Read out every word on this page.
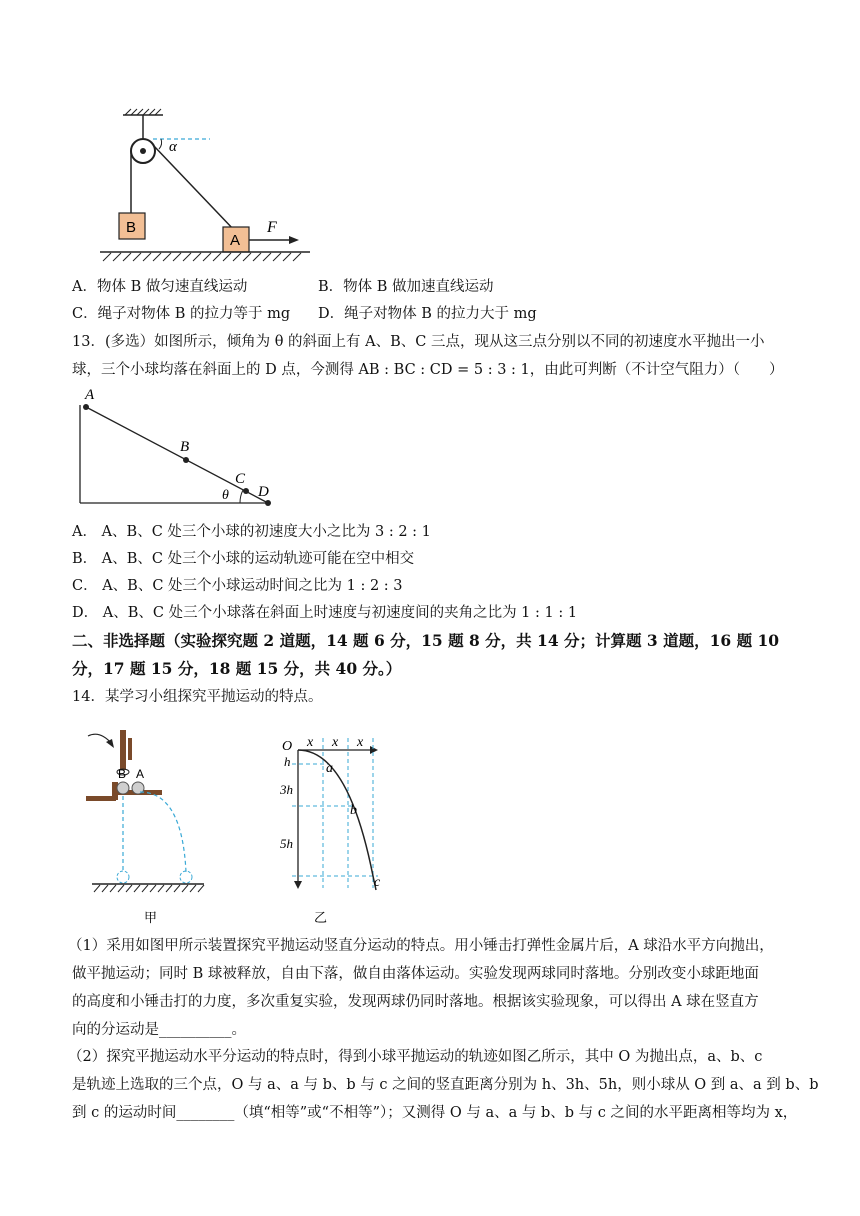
B
A
F
α
A．物体 B 做匀速直线运动	B．物体 B 做加速直线运动
C．绳子对物体 B 的拉力等于 mg D．绳子对物体 B 的拉力大于 mg
13．(多选）如图所示，倾角为 θ 的斜面上有 A、B、C 三点，现从这三点分别以不同的初速度水平抛出一小
球，三个小球均落在斜面上的 D 点，今测得 AB : BC : CD = 5 : 3 : 1，由此可判断（不计空气阻力）（　　）
A
B
C
D
θ
A． A、B、C 处三个小球的初速度大小之比为 3 : 2 : 1
B． A、B、C 处三个小球的运动轨迹可能在空中相交
C． A、B、C 处三个小球运动时间之比为 1 : 2 : 3
D． A、B、C 处三个小球落在斜面上时速度与初速度间的夹角之比为 1 : 1 : 1
二、非选择题（实验探究题 2 道题，14 题 6 分，15 题 8 分，共 14 分；计算题 3 道题，16 题 10
分，17 题 15 分，18 题 15 分，共 40 分。）
14．某学习小组探究平抛运动的特点。
B A
甲
O x x x
h
3h
5h
a
b
c
乙
（1）采用如图甲所示装置探究平抛运动竖直分运动的特点。用小锤击打弹性金属片后，A 球沿水平方向抛出，
做平抛运动；同时 B 球被释放，自由下落，做自由落体运动。实验发现两球同时落地。分别改变小球距地面
的高度和小锤击打的力度，多次重复实验，发现两球仍同时落地。根据该实验现象，可以得出 A 球在竖直方
向的分运动是__________。
（2）探究平抛运动水平分运动的特点时，得到小球平抛运动的轨迹如图乙所示，其中 O 为抛出点，a、b、c
是轨迹上选取的三个点，O 与 a、a 与 b、b 与 c 之间的竖直距离分别为 h、3h、5h，则小球从 O 到 a、a 到 b、b
到 c 的运动时间________（填“相等”或“不相等”）；又测得 O 与 a、a 与 b、b 与 c 之间的水平距离相等均为 x，
